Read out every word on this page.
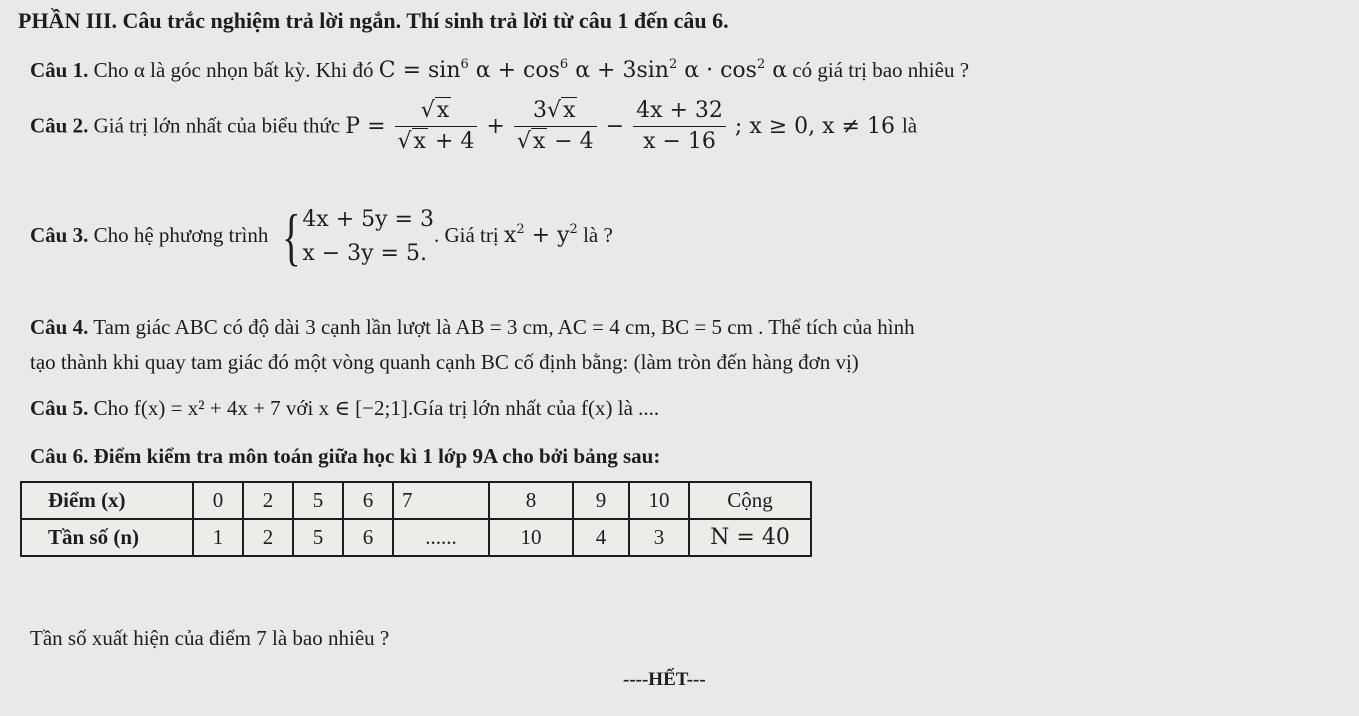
PHẦN III. Câu trắc nghiệm trả lời ngắn. Thí sinh trả lời từ câu 1 đến câu 6.
Câu 1. Cho α là góc nhọn bất kỳ. Khi đó $C = \sin^6 \alpha + \cos^6 \alpha + 3\sin^2$ $\alpha \cdot \cos^2 \alpha$ có giá trị bao nhiêu ?
Câu 2. Giá trị lớn nhất của biểu thức $P = \frac{√x}{√x + 4} + \frac{3√x}{√x - 4} - \frac{4x + 32}{x - 16}$ ; x ≥ 0, x ≠ 16 là
Câu 3. Cho hệ phương trình { 4x + 5y = 3
x − 3y = 5.
. Giá trị $x^2 + y^2$ là ?
Câu 4. Tam giác ABC có độ dài 3 cạnh lần lượt là AB = 3 cm, AC = 4 cm, BC = 5 cm . Thể tích của hình
tạo thành khi quay tam giác đó một vòng quanh cạnh BC cố định bằng: (làm tròn đến hàng đơn vị)
Câu 5. Cho f(x) = x² + 4x + 7 với x ∈ [−2;1].Gía trị lớn nhất của f(x) là ....
Câu 6. Điểm kiểm tra môn toán giữa học kì 1 lớp 9A cho bởi bảng sau:
Điểm (x)	0	2	5	6	7	8	9	10	Cộng
Tần số (n)	1	2	5	6	......	10	4	3	N = 40
Tần số xuất hiện của điểm 7 là bao nhiêu ?
----HẾT---
